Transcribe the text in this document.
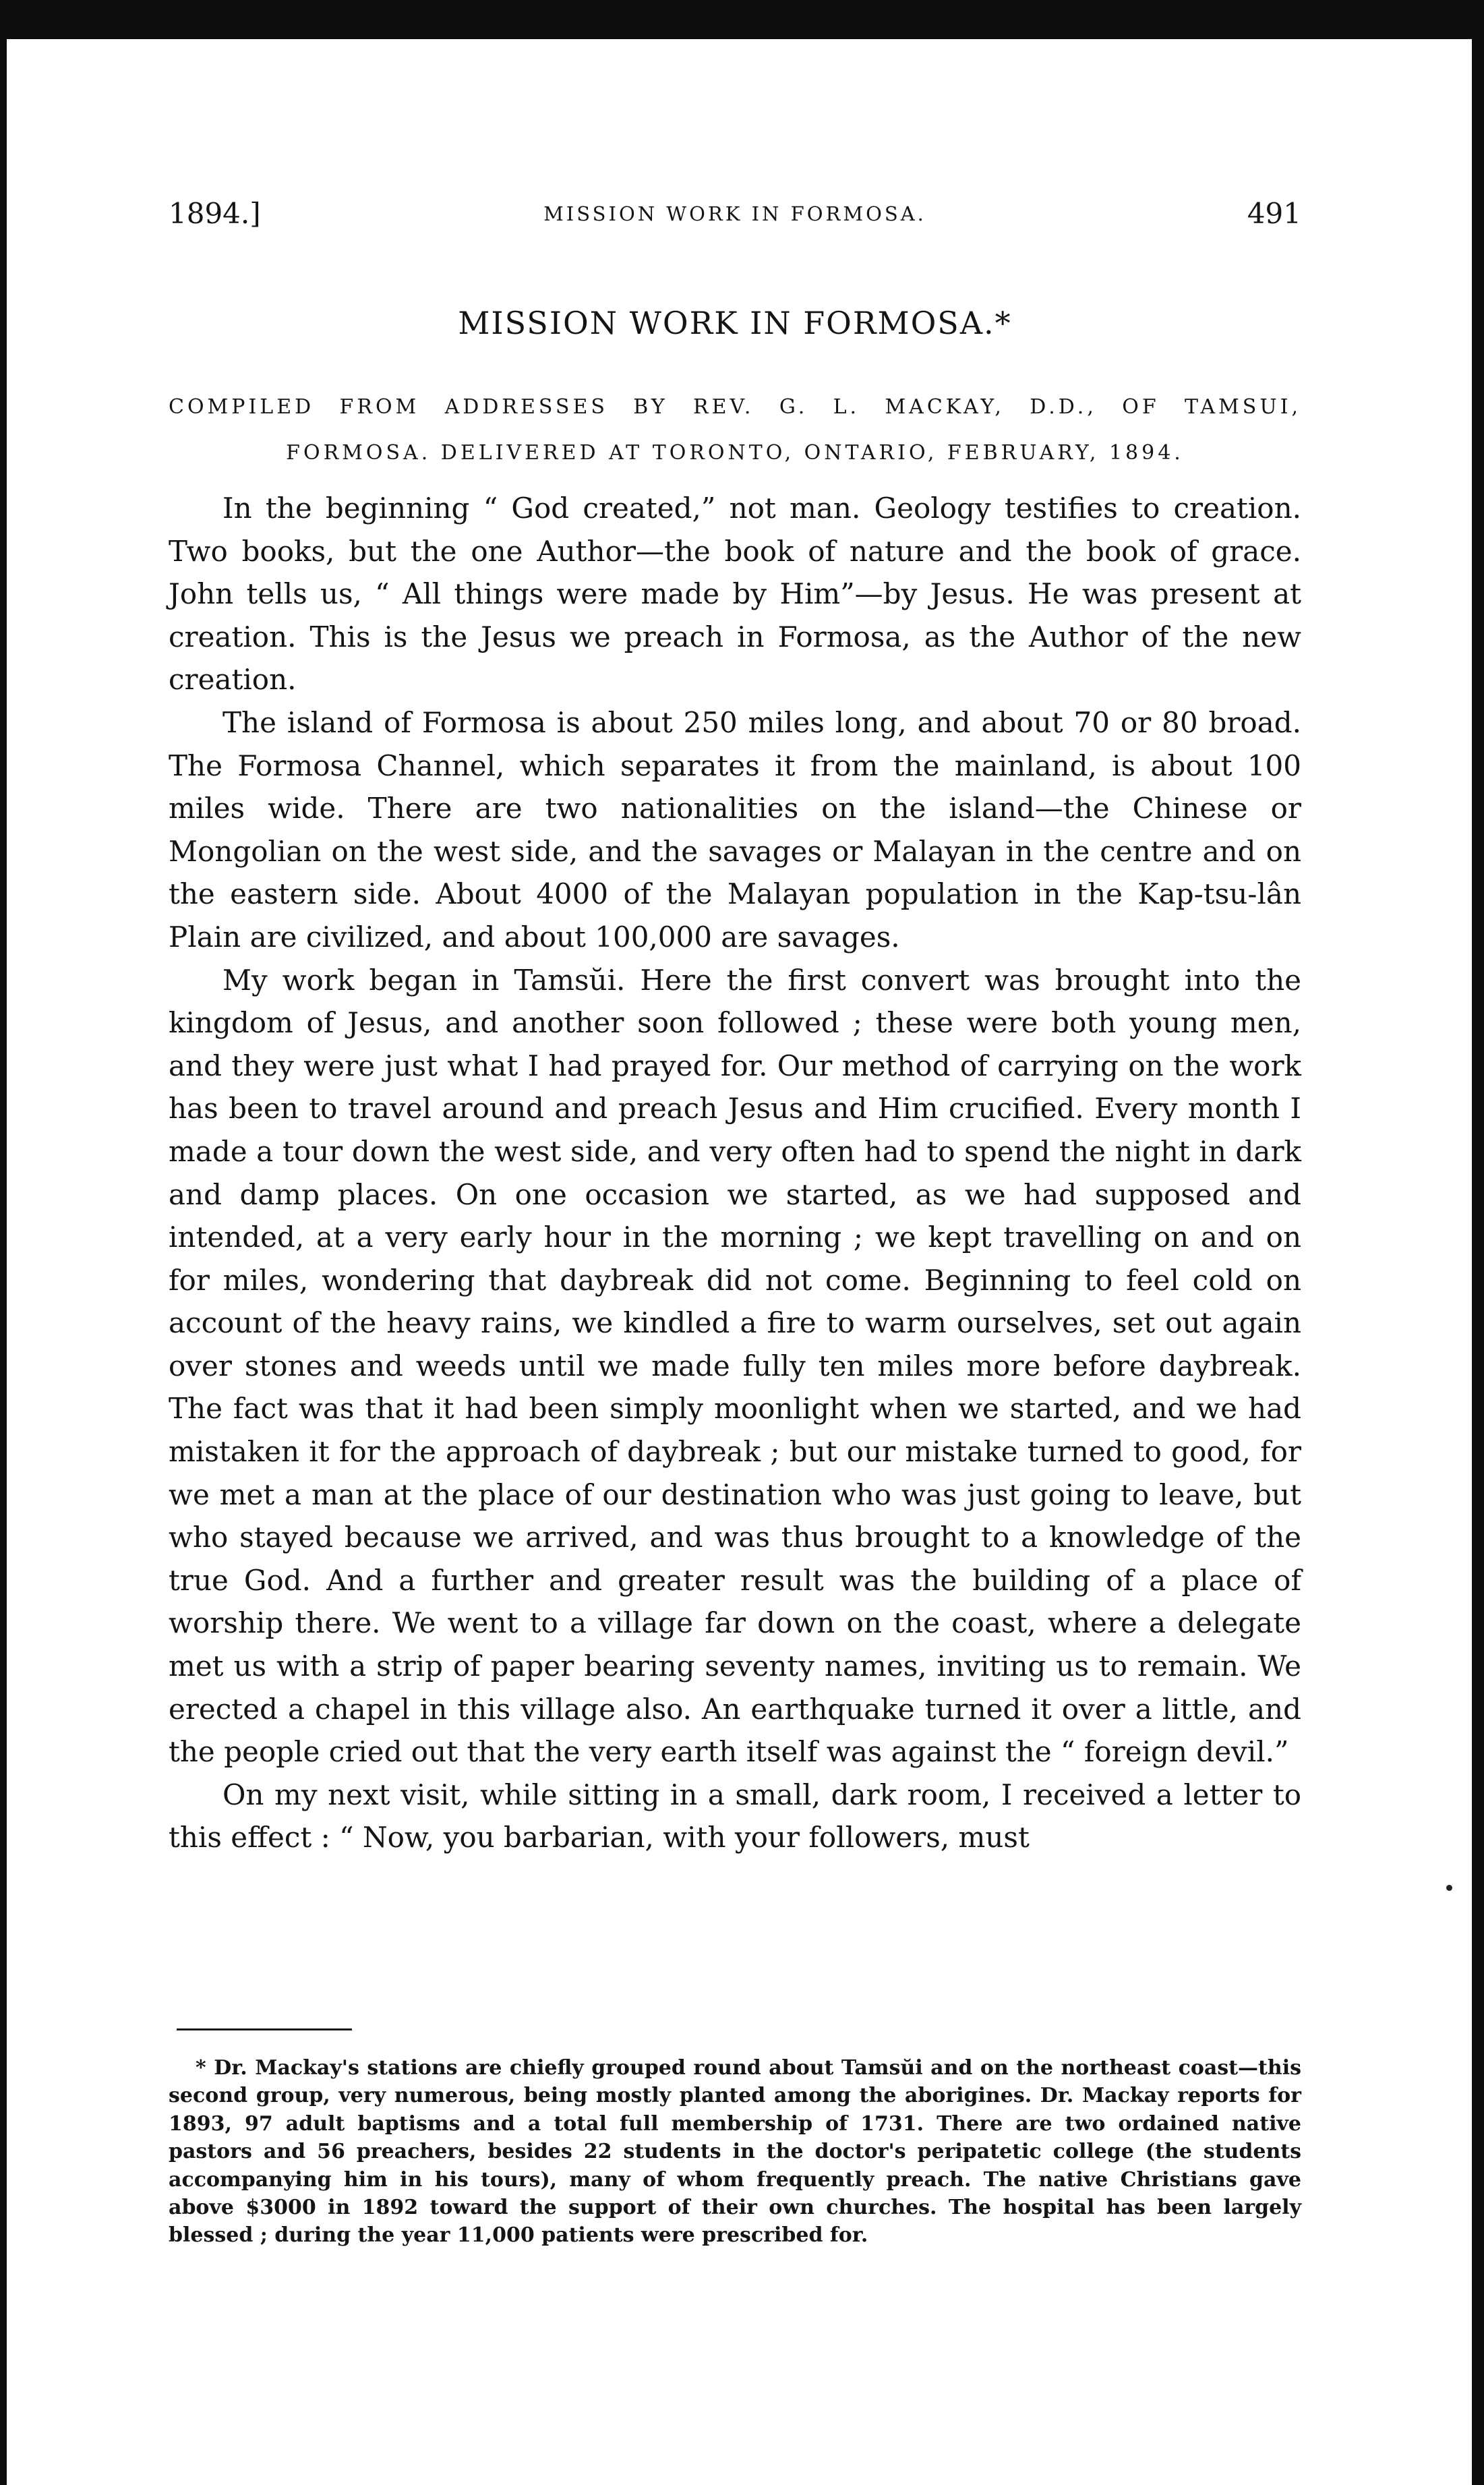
1894.]	MISSION WORK IN FORMOSA.	491
MISSION WORK IN FORMOSA.*
COMPILED FROM ADDRESSES BY REV. G. L. MACKAY, D.D., OF TAMSUI, FORMOSA. DELIVERED AT TORONTO, ONTARIO, FEBRUARY, 1894.

In the beginning “ God created,” not man. Geology testifies to creation. Two books, but the one Author—the book of nature and the book of grace. John tells us, “ All things were made by Him”—by Jesus. He was present at creation. This is the Jesus we preach in Formosa, as the Author of the new creation.

The island of Formosa is about 250 miles long, and about 70 or 80 broad. The Formosa Channel, which separates it from the mainland, is about 100 miles wide. There are two nationalities on the island—the Chinese or Mongolian on the west side, and the savages or Malayan in the centre and on the eastern side. About 4000 of the Malayan population in the Kap-tsu-lân Plain are civilized, and about 100,000 are savages.

My work began in Tamsŭi. Here the first convert was brought into the kingdom of Jesus, and another soon followed ; these were both young men, and they were just what I had prayed for. Our method of carrying on the work has been to travel around and preach Jesus and Him crucified. Every month I made a tour down the west side, and very often had to spend the night in dark and damp places. On one occasion we started, as we had supposed and intended, at a very early hour in the morning ; we kept travelling on and on for miles, wondering that daybreak did not come. Beginning to feel cold on account of the heavy rains, we kindled a fire to warm ourselves, set out again over stones and weeds until we made fully ten miles more before daybreak. The fact was that it had been simply moonlight when we started, and we had mistaken it for the approach of daybreak ; but our mistake turned to good, for we met a man at the place of our destination who was just going to leave, but who stayed because we arrived, and was thus brought to a knowledge of the true God. And a further and greater result was the building of a place of worship there. We went to a village far down on the coast, where a delegate met us with a strip of paper bearing seventy names, inviting us to remain. We erected a chapel in this village also. An earthquake turned it over a little, and the people cried out that the very earth itself was against the “ foreign devil.”

On my next visit, while sitting in a small, dark room, I received a letter to this effect : “ Now, you barbarian, with your followers, must

* Dr. Mackay's stations are chiefly grouped round about Tamsŭi and on the northeast coast—this second group, very numerous, being mostly planted among the aborigines. Dr. Mackay reports for 1893, 97 adult baptisms and a total full membership of 1731. There are two ordained native pastors and 56 preachers, besides 22 students in the doctor's peripatetic college (the students accompanying him in his tours), many of whom frequently preach. The native Christians gave above $3000 in 1892 toward the support of their own churches. The hospital has been largely blessed ; during the year 11,000 patients were prescribed for.
